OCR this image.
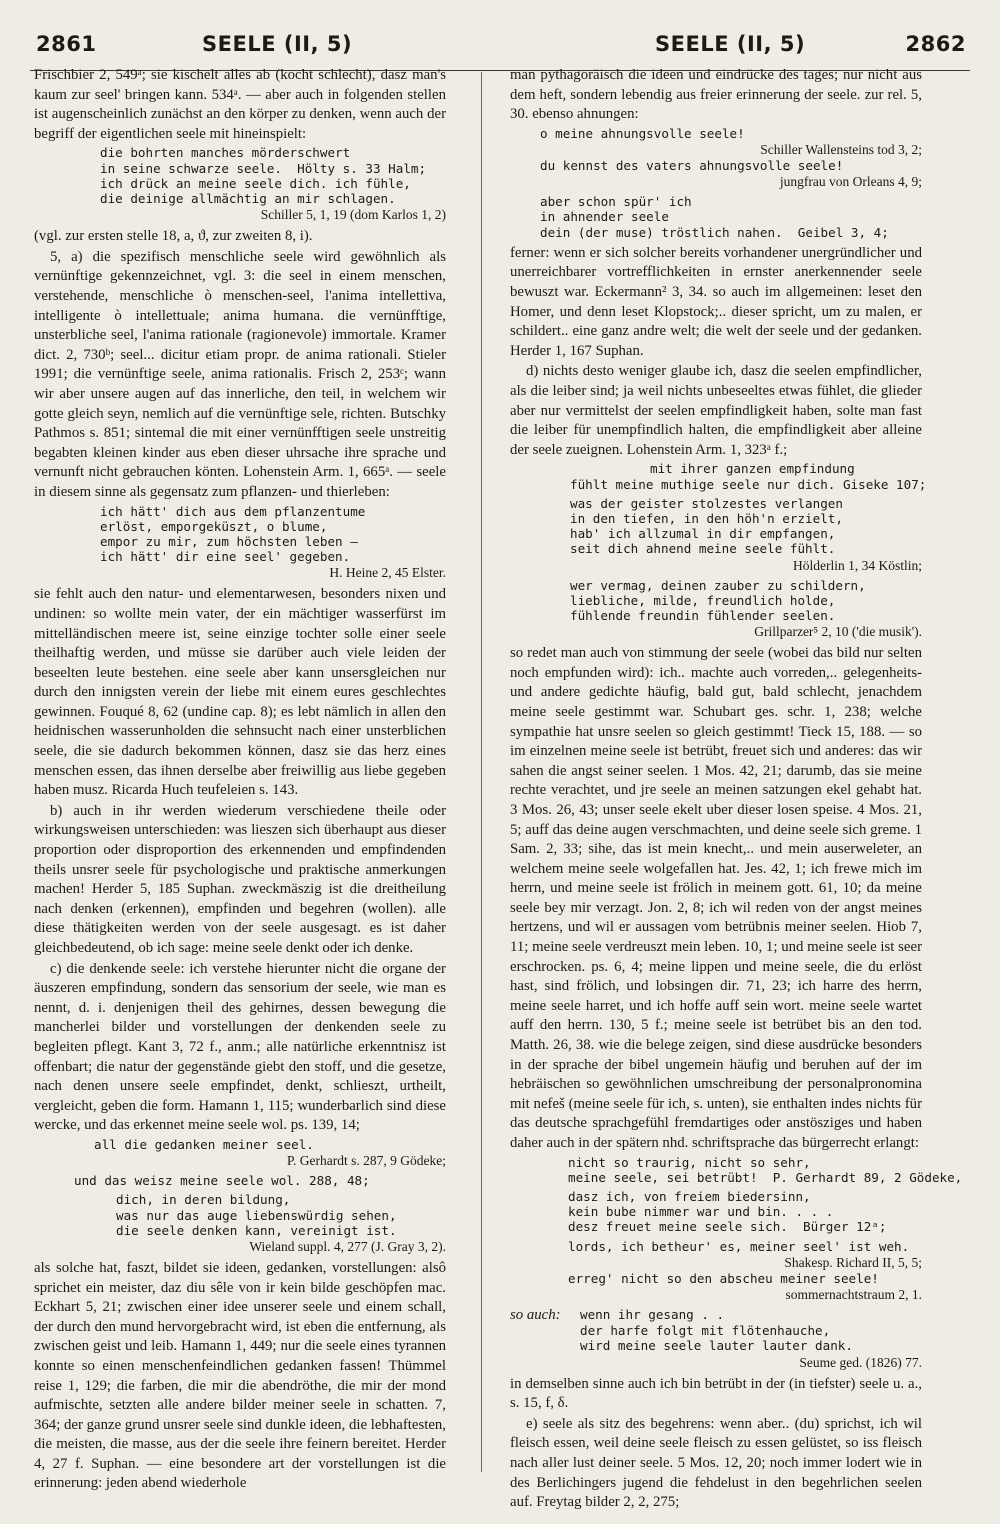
2861	SEELE (II, 5)	SEELE (II, 5)	2862

Frischbier 2, 549ᵃ; sie kischelt alles ab (kocht schlecht), dasz man's kaum zur seel' bringen kann. 534ᵃ. — aber auch in folgenden stellen ist augenscheinlich zunächst an den körper zu denken, wenn auch der begriff der eigentlichen seele mit hineinspielt:

die bohrten manches mörderschwert
in seine schwarze seele.  Hölty s. 33 Halm;
ich drück an meine seele dich. ich fühle,
die deinige allmächtig an mir schlagen.
Schiller 5, 1, 19 (dom Karlos 1, 2)

(vgl. zur ersten stelle 18, a, ϑ, zur zweiten 8, i).

5, a) die spezifisch menschliche seele wird gewöhnlich als vernünftige gekennzeichnet, vgl. 3: die seel in einem menschen, verstehende, menschliche ò menschen-seel, l'anima intellettiva, intelligente ò intellettuale; anima humana. die vernünfftige, unsterbliche seel, l'anima rationale (ragionevole) immortale. Kramer dict. 2, 730ᵇ; seel... dicitur etiam propr. de anima rationali. Stieler 1991; die vernünftige seele, anima rationalis. Frisch 2, 253ᶜ; wann wir aber unsere augen auf das innerliche, den teil, in welchem wir gotte gleich seyn, nemlich auf die vernünftige sele, richten. Butschky Pathmos s. 851; sintemal die mit einer vernünfftigen seele unstreitig begabten kleinen kinder aus eben dieser uhrsache ihre sprache und vernunft nicht gebrauchen könten. Lohenstein Arm. 1, 665ᵃ. — seele in diesem sinne als gegensatz zum pflanzen- und thierleben:

ich hätt' dich aus dem pflanzentume
erlöst, emporgeküszt, o blume,
empor zu mir, zum höchsten leben —
ich hätt' dir eine seel' gegeben.
H. Heine 2, 45 Elster.

sie fehlt auch den natur- und elementarwesen, besonders nixen und undinen: so wollte mein vater, der ein mächtiger wasserfürst im mittelländischen meere ist, seine einzige tochter solle einer seele theilhaftig werden, und müsse sie darüber auch viele leiden der beseelten leute bestehen. eine seele aber kann unsersgleichen nur durch den innigsten verein der liebe mit einem eures geschlechtes gewinnen. Fouqué 8, 62 (undine cap. 8); es lebt nämlich in allen den heidnischen wasserunholden die sehnsucht nach einer unsterblichen seele, die sie dadurch bekommen können, dasz sie das herz eines menschen essen, das ihnen derselbe aber freiwillig aus liebe gegeben haben musz. Ricarda Huch teufeleien s. 143.

b) auch in ihr werden wiederum verschiedene theile oder wirkungsweisen unterschieden: was lieszen sich überhaupt aus dieser proportion oder disproportion des erkennenden und empfindenden theils unsrer seele für psychologische und praktische anmerkungen machen! Herder 5, 185 Suphan. zweckmäszig ist die dreitheilung nach denken (erkennen), empfinden und begehren (wollen). alle diese thätigkeiten werden von der seele ausgesagt. es ist daher gleichbedeutend, ob ich sage: meine seele denkt oder ich denke.

c) die denkende seele: ich verstehe hierunter nicht die organe der äuszeren empfindung, sondern das sensorium der seele, wie man es nennt, d. i. denjenigen theil des gehirnes, dessen bewegung die mancherlei bilder und vorstellungen der denkenden seele zu begleiten pflegt. Kant 3, 72 f., anm.; alle natürliche erkenntnisz ist offenbart; die natur der gegenstände giebt den stoff, und die gesetze, nach denen unsere seele empfindet, denkt, schlieszt, urtheilt, vergleicht, geben die form. Hamann 1, 115; wunderbarlich sind diese wercke, und das erkennet meine seele wol. ps. 139, 14;

all die gedanken meiner seel.
P. Gerhardt s. 287, 9 Gödeke;
und das weisz meine seele wol. 288, 48;
dich, in deren bildung,
was nur das auge liebenswürdig sehen,
die seele denken kann, vereinigt ist.
Wieland suppl. 4, 277 (J. Gray 3, 2).

als solche hat, faszt, bildet sie ideen, gedanken, vorstellungen: alsô sprichet ein meister, daz diu sêle von ir kein bilde geschöpfen mac. Eckhart 5, 21; zwischen einer idee unserer seele und einem schall, der durch den mund hervorgebracht wird, ist eben die entfernung, als zwischen geist und leib. Hamann 1, 449; nur die seele eines tyrannen konnte so einen menschenfeindlichen gedanken fassen! Thümmel reise 1, 129; die farben, die mir die abendröthe, die mir der mond aufmischte, setzten alle andere bilder meiner seele in schatten. 7, 364; der ganze grund unsrer seele sind dunkle ideen, die lebhaftesten, die meisten, die masse, aus der die seele ihre feinern bereitet. Herder 4, 27 f. Suphan. — eine besondere art der vorstellungen ist die erinnerung: jeden abend wiederhole

man pythagoräisch die ideen und eindrücke des tages; nur nicht aus dem heft, sondern lebendig aus freier erinnerung der seele. zur rel. 5, 30. ebenso ahnungen:

o meine ahnungsvolle seele!
Schiller Wallensteins tod 3, 2;
du kennst des vaters ahnungsvolle seele!
jungfrau von Orleans 4, 9;
aber schon spür' ich
in ahnender seele
dein (der muse) tröstlich nahen.  Geibel 3, 4;

ferner: wenn er sich solcher bereits vorhandener unergründlicher und unerreichbarer vortrefflichkeiten in ernster anerkennender seele bewuszt war. Eckermann² 3, 34. so auch im allgemeinen: leset den Homer, und denn leset Klopstock;.. dieser spricht, um zu malen, er schildert.. eine ganz andre welt; die welt der seele und der gedanken. Herder 1, 167 Suphan.

d) nichts desto weniger glaube ich, dasz die seelen empfindlicher, als die leiber sind; ja weil nichts unbeseeltes etwas fühlet, die glieder aber nur vermittelst der seelen empfindligkeit haben, solte man fast die leiber für unempfindlich halten, die empfindligkeit aber alleine der seele zueignen. Lohenstein Arm. 1, 323ᵃ f.;

mit ihrer ganzen empfindung
fühlt meine muthige seele nur dich. Giseke 107;
was der geister stolzestes verlangen
in den tiefen, in den höh'n erzielt,
hab' ich allzumal in dir empfangen,
seit dich ahnend meine seele fühlt.
Hölderlin 1, 34 Köstlin;
wer vermag, deinen zauber zu schildern,
liebliche, milde, freundlich holde,
fühlende freundin fühlender seelen.
Grillparzer⁵ 2, 10 ('die musik').

so redet man auch von stimmung der seele (wobei das bild nur selten noch empfunden wird): ich.. machte auch vorreden,.. gelegenheits- und andere gedichte häufig, bald gut, bald schlecht, jenachdem meine seele gestimmt war. Schubart ges. schr. 1, 238; welche sympathie hat unsre seelen so gleich gestimmt! Tieck 15, 188. — so im einzelnen meine seele ist betrübt, freuet sich und anderes: das wir sahen die angst seiner seelen. 1 Mos. 42, 21; darumb, das sie meine rechte verachtet, und jre seele an meinen satzungen ekel gehabt hat. 3 Mos. 26, 43; unser seele ekelt uber dieser losen speise. 4 Mos. 21, 5; auff das deine augen verschmachten, und deine seele sich greme. 1 Sam. 2, 33; sihe, das ist mein knecht,.. und mein auserweleter, an welchem meine seele wolgefallen hat. Jes. 42, 1; ich frewe mich im herrn, und meine seele ist frölich in meinem gott. 61, 10; da meine seele bey mir verzagt. Jon. 2, 8; ich wil reden von der angst meines hertzens, und wil er aussagen vom betrübnis meiner seelen. Hiob 7, 11; meine seele verdreuszt mein leben. 10, 1; und meine seele ist seer erschrocken. ps. 6, 4; meine lippen und meine seele, die du erlöst hast, sind frölich, und lobsingen dir. 71, 23; ich harre des herrn, meine seele harret, und ich hoffe auff sein wort. meine seele wartet auff den herrn. 130, 5 f.; meine seele ist betrübet bis an den tod. Matth. 26, 38. wie die belege zeigen, sind diese ausdrücke besonders in der sprache der bibel ungemein häufig und beruhen auf der im hebräischen so gewöhnlichen umschreibung der personalpronomina mit nefeš (meine seele für ich, s. unten), sie enthalten indes nichts für das deutsche sprachgefühl fremdartiges oder anstösziges und haben daher auch in der spätern nhd. schriftsprache das bürgerrecht erlangt:

nicht so traurig, nicht so sehr,
meine seele, sei betrübt!  P. Gerhardt 89, 2 Gödeke,
dasz ich, von freiem biedersinn,
kein bube nimmer war und bin. . . .
desz freuet meine seele sich.  Bürger 12ᵃ;
lords, ich betheur' es, meiner seel' ist weh.
Shakesp. Richard II, 5, 5;
erreg' nicht so den abscheu meiner seele!
sommernachtstraum 2, 1.
so auch: wenn ihr gesang . .
der harfe folgt mit flötenhauche,
wird meine seele lauter lauter dank.
Seume ged. (1826) 77.

in demselben sinne auch ich bin betrübt in der (in tiefster) seele u. a., s. 15, f, δ.

e) seele als sitz des begehrens: wenn aber.. (du) sprichst, ich wil fleisch essen, weil deine seele fleisch zu essen gelüstet, so iss fleisch nach aller lust deiner seele. 5 Mos. 12, 20; noch immer lodert wie in des Berlichingers jugend die fehdelust in den begehrlichen seelen auf. Freytag bilder 2, 2, 275;
